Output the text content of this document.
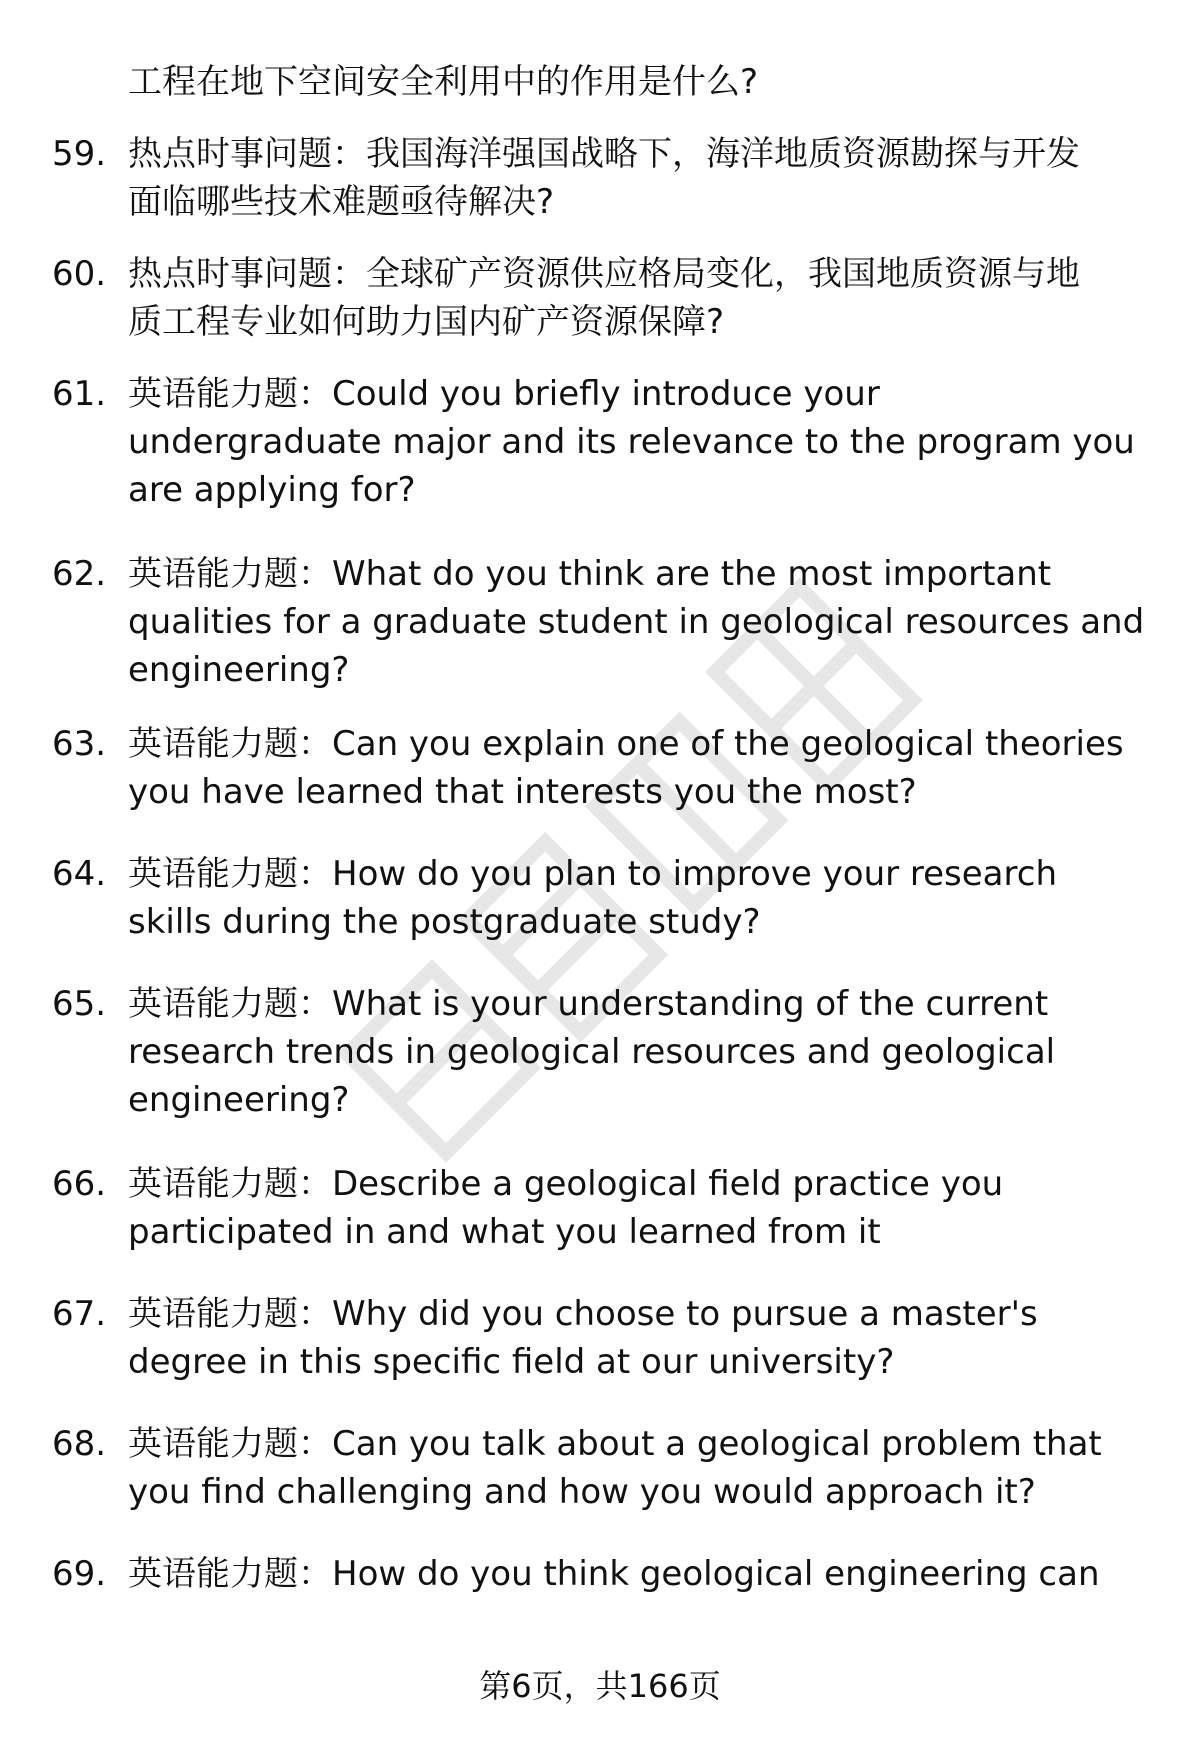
工程在地下空间安全利用中的作用是什么?
59. 热点时事问题：我国海洋强国战略下，海洋地质资源勘探与开发
面临哪些技术难题亟待解决?
60. 热点时事问题：全球矿产资源供应格局变化，我国地质资源与地
质工程专业如何助力国内矿产资源保障?
61. 英语能力题：Could you briefly introduce your
undergraduate major and its relevance to the program you
are applying for?
62. 英语能力题：What do you think are the most important
qualities for a graduate student in geological resources and
engineering?
63. 英语能力题：Can you explain one of the geological theories
you have learned that interests you the most?
64. 英语能力题：How do you plan to improve your research
skills during the postgraduate study?
65. 英语能力题：What is your understanding of the current
research trends in geological resources and geological
engineering?
66. 英语能力题：Describe a geological field practice you
participated in and what you learned from it
67. 英语能力题：Why did you choose to pursue a master's
degree in this specific field at our university?
68. 英语能力题：Can you talk about a geological problem that
you find challenging and how you would approach it?
69. 英语能力题：How do you think geological engineering can
第6页，共166页
